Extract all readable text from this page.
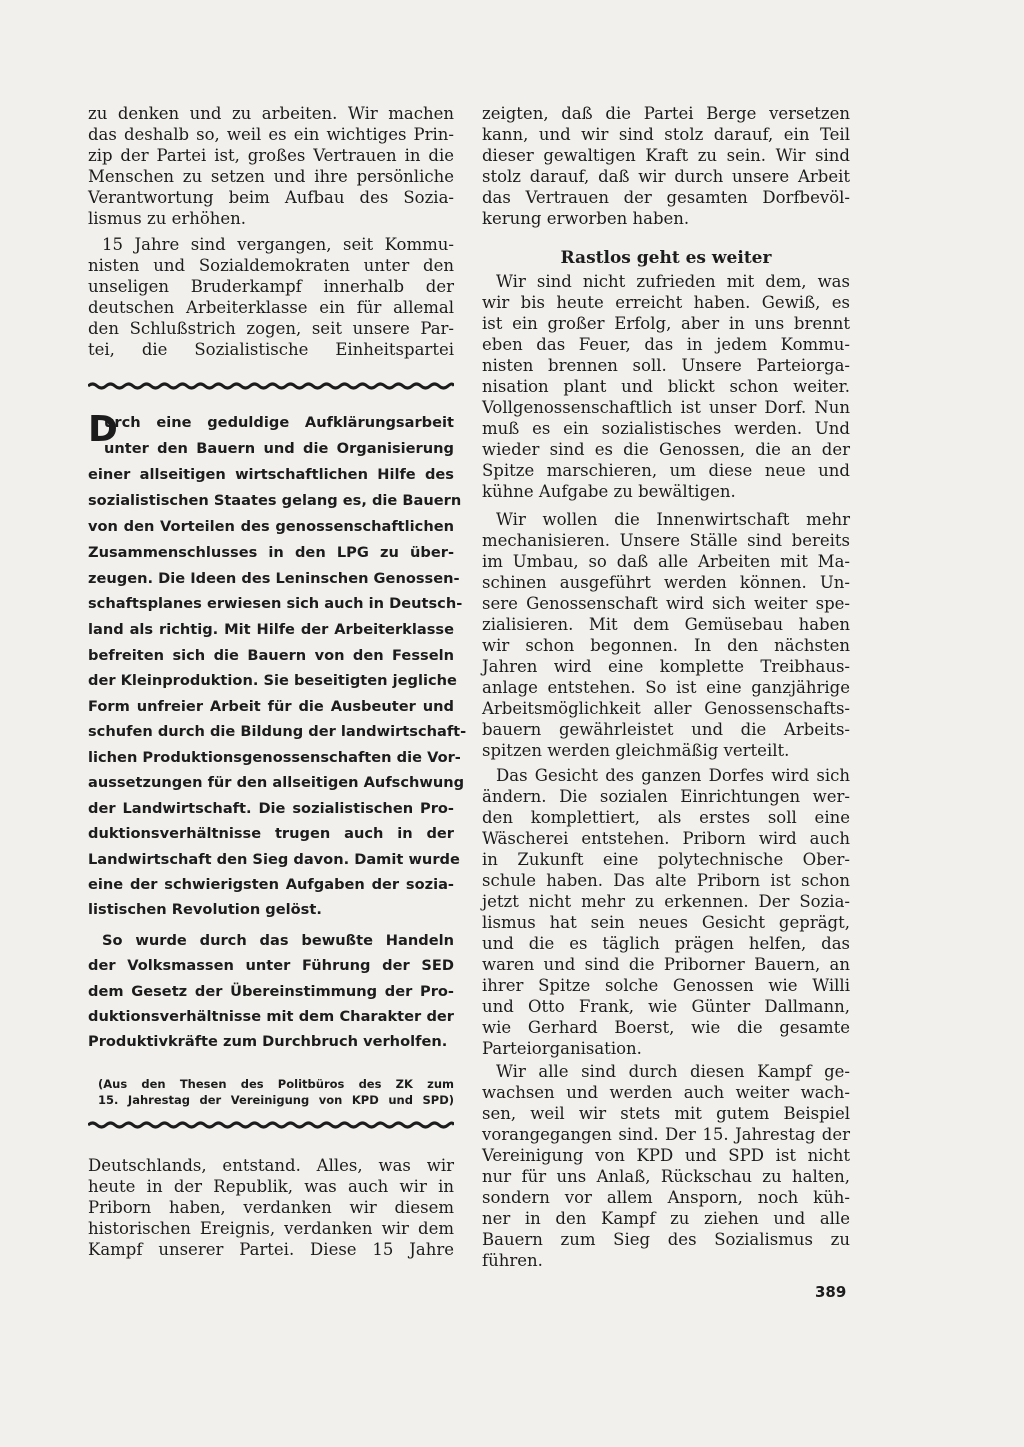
zu denken und zu arbeiten. Wir machen
das deshalb so, weil es ein wichtiges Prin-
zip der Partei ist, großes Vertrauen in die
Menschen zu setzen und ihre persönliche
Verantwortung beim Aufbau des Sozia-
lismus zu erhöhen.
15 Jahre sind vergangen, seit Kommu-
nisten und Sozialdemokraten unter den
unseligen Bruderkampf innerhalb der
deutschen Arbeiterklasse ein für allemal
den Schlußstrich zogen, seit unsere Par-
tei, die Sozialistische Einheitspartei
D
urch eine geduldige Aufklärungsarbeit
unter den Bauern und die Organisierung
einer allseitigen wirtschaftlichen Hilfe des
sozialistischen Staates gelang es, die Bauern
von den Vorteilen des genossenschaftlichen
Zusammenschlusses in den LPG zu über-
zeugen. Die Ideen des Leninschen Genossen-
schaftsplanes erwiesen sich auch in Deutsch-
land als richtig. Mit Hilfe der Arbeiterklasse
befreiten sich die Bauern von den Fesseln
der Kleinproduktion. Sie beseitigten jegliche
Form unfreier Arbeit für die Ausbeuter und
schufen durch die Bildung der landwirtschaft-
lichen Produktionsgenossenschaften die Vor-
aussetzungen für den allseitigen Aufschwung
der Landwirtschaft. Die sozialistischen Pro-
duktionsverhältnisse trugen auch in der
Landwirtschaft den Sieg davon. Damit wurde
eine der schwierigsten Aufgaben der sozia-
listischen Revolution gelöst.
So wurde durch das bewußte Handeln
der Volksmassen unter Führung der SED
dem Gesetz der Übereinstimmung der Pro-
duktionsverhältnisse mit dem Charakter der
Produktivkräfte zum Durchbruch verholfen.
(Aus den Thesen des Politbüros des ZK zum
15. Jahrestag der Vereinigung von KPD und SPD)
Deutschlands, entstand. Alles, was wir
heute in der Republik, was auch wir in
Priborn haben, verdanken wir diesem
historischen Ereignis, verdanken wir dem
Kampf unserer Partei. Diese 15 Jahre
zeigten, daß die Partei Berge versetzen
kann, und wir sind stolz darauf, ein Teil
dieser gewaltigen Kraft zu sein. Wir sind
stolz darauf, daß wir durch unsere Arbeit
das Vertrauen der gesamten Dorfbevöl-
kerung erworben haben.
Rastlos geht es weiter
Wir sind nicht zufrieden mit dem, was
wir bis heute erreicht haben. Gewiß, es
ist ein großer Erfolg, aber in uns brennt
eben das Feuer, das in jedem Kommu-
nisten brennen soll. Unsere Parteiorga-
nisation plant und blickt schon weiter.
Vollgenossenschaftlich ist unser Dorf. Nun
muß es ein sozialistisches werden. Und
wieder sind es die Genossen, die an der
Spitze marschieren, um diese neue und
kühne Aufgabe zu bewältigen.
Wir wollen die Innenwirtschaft mehr
mechanisieren. Unsere Ställe sind bereits
im Umbau, so daß alle Arbeiten mit Ma-
schinen ausgeführt werden können. Un-
sere Genossenschaft wird sich weiter spe-
zialisieren. Mit dem Gemüsebau haben
wir schon begonnen. In den nächsten
Jahren wird eine komplette Treibhaus-
anlage entstehen. So ist eine ganzjährige
Arbeitsmöglichkeit aller Genossenschafts-
bauern gewährleistet und die Arbeits-
spitzen werden gleichmäßig verteilt.
Das Gesicht des ganzen Dorfes wird sich
ändern. Die sozialen Einrichtungen wer-
den komplettiert, als erstes soll eine
Wäscherei entstehen. Priborn wird auch
in Zukunft eine polytechnische Ober-
schule haben. Das alte Priborn ist schon
jetzt nicht mehr zu erkennen. Der Sozia-
lismus hat sein neues Gesicht geprägt,
und die es täglich prägen helfen, das
waren und sind die Priborner Bauern, an
ihrer Spitze solche Genossen wie Willi
und Otto Frank, wie Günter Dallmann,
wie Gerhard Boerst, wie die gesamte
Parteiorganisation.
Wir alle sind durch diesen Kampf ge-
wachsen und werden auch weiter wach-
sen, weil wir stets mit gutem Beispiel
vorangegangen sind. Der 15. Jahrestag der
Vereinigung von KPD und SPD ist nicht
nur für uns Anlaß, Rückschau zu halten,
sondern vor allem Ansporn, noch küh-
ner in den Kampf zu ziehen und alle
Bauern zum Sieg des Sozialismus zu
führen.
389
